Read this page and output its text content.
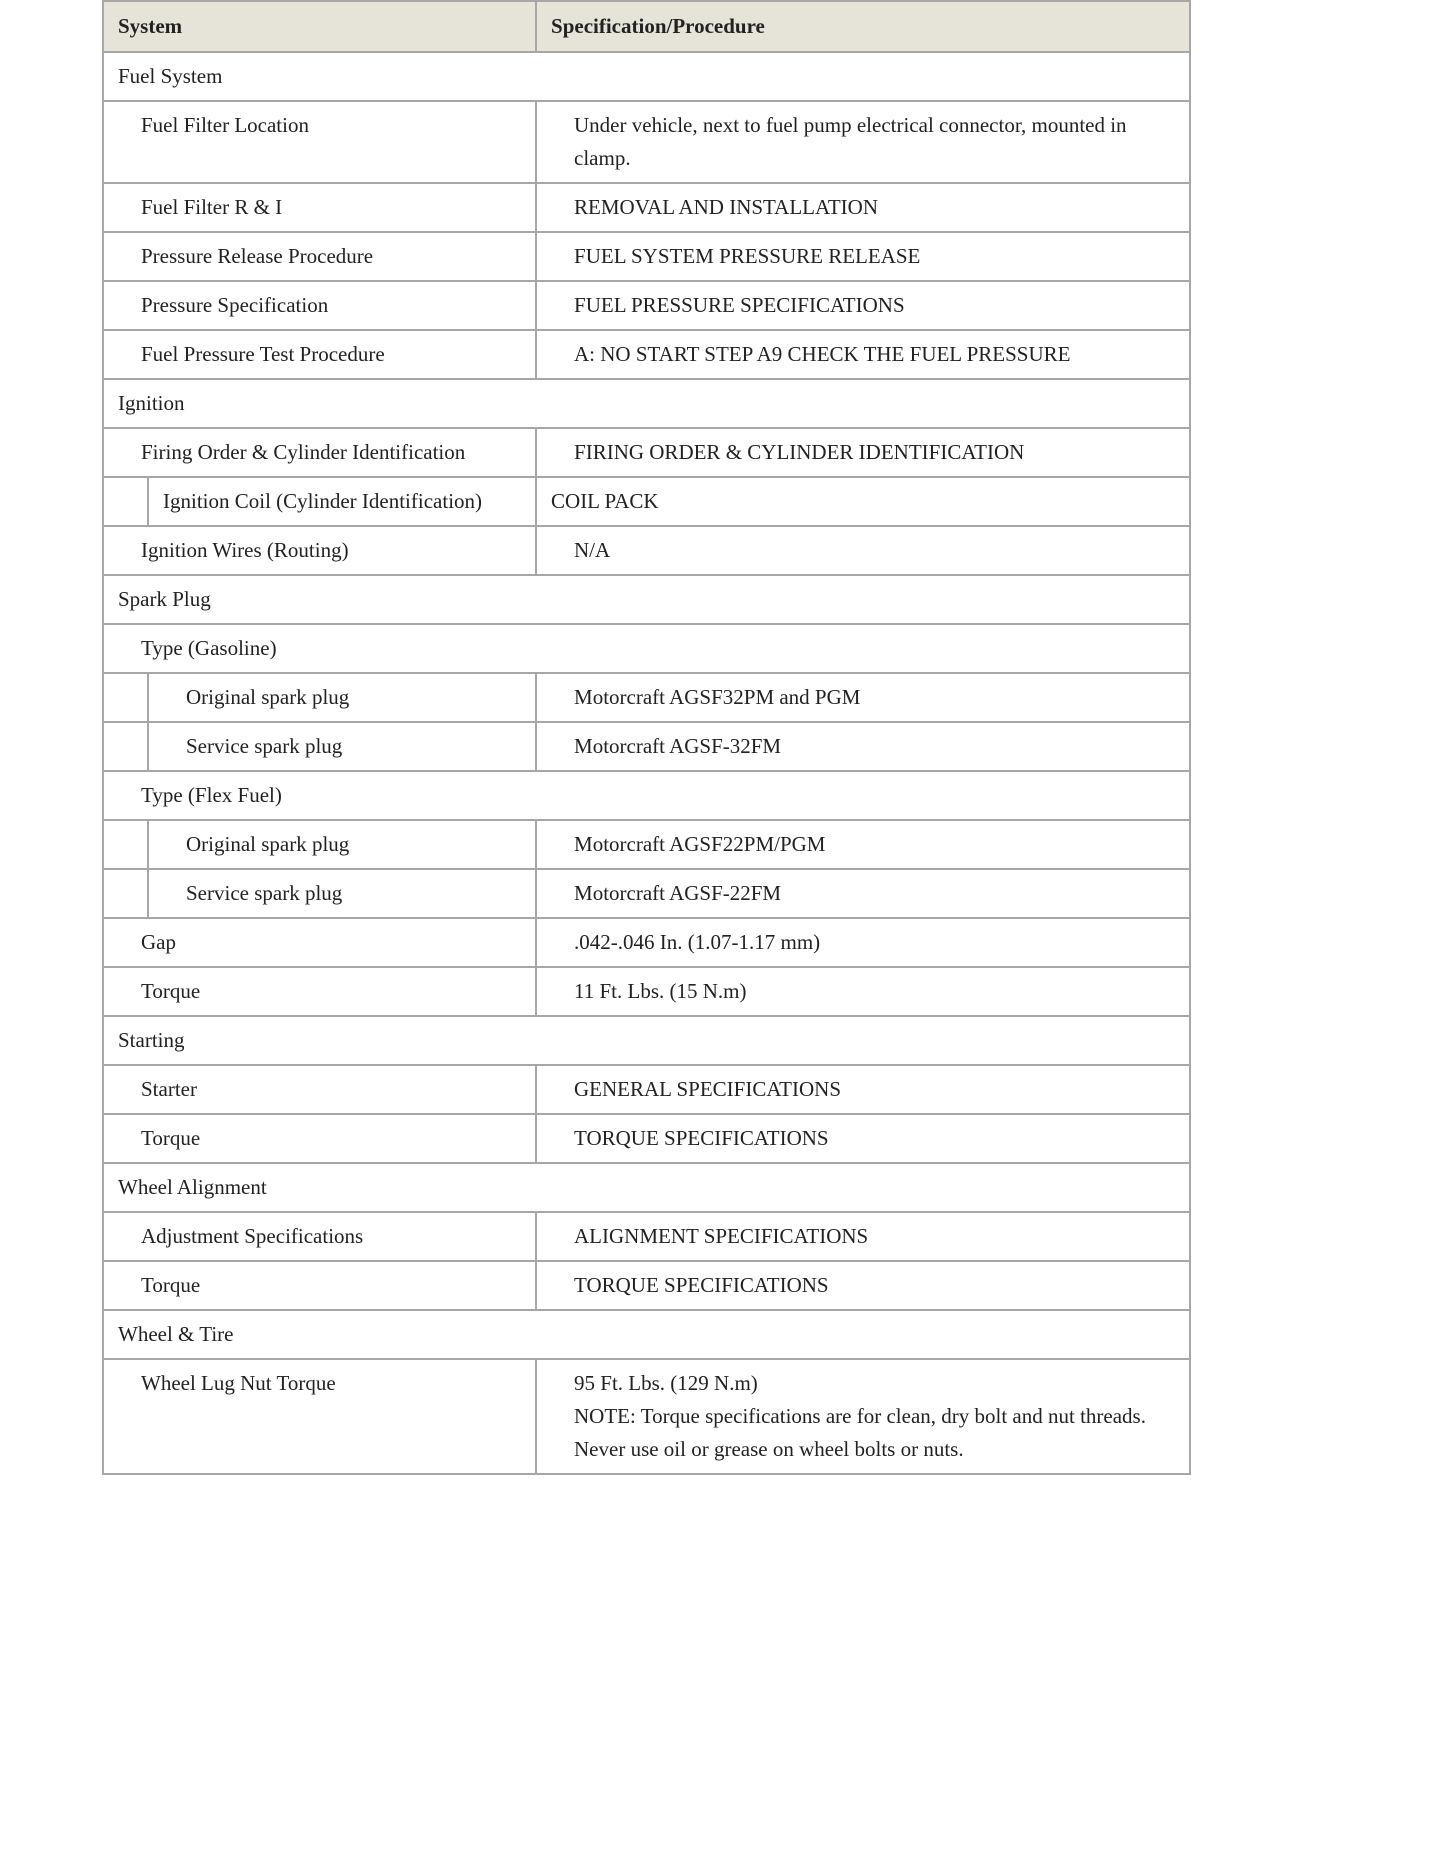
System		Specification/Procedure
Fuel System		
Fuel Filter Location		Under vehicle, next to fuel pump electrical connector, mounted in clamp.

Fuel Filter R & I		REMOVAL AND INSTALLATION

Pressure Release Procedure		FUEL SYSTEM PRESSURE RELEASE

Pressure Specification		FUEL PRESSURE SPECIFICATIONS

Fuel Pressure Test Procedure		A: NO START STEP A9 CHECK THE FUEL PRESSURE

Ignition		
Firing Order & Cylinder Identification		FIRING ORDER & CYLINDER IDENTIFICATION

	Ignition Coil (Cylinder Identification)	COIL PACK

Ignition Wires (Routing)		N/A

Spark Plug		
Type (Gasoline)		
	Original spark plug	Motorcraft AGSF32PM and PGM

	Service spark plug	Motorcraft AGSF-32FM

Type (Flex Fuel)		
	Original spark plug	Motorcraft AGSF22PM/PGM

	Service spark plug	Motorcraft AGSF-22FM

Gap		.042-.046 In. (1.07-1.17 mm)

Torque		11 Ft. Lbs. (15 N.m)

Starting		
Starter		GENERAL SPECIFICATIONS

Torque		TORQUE SPECIFICATIONS

Wheel Alignment		
Adjustment Specifications		ALIGNMENT SPECIFICATIONS

Torque		TORQUE SPECIFICATIONS

Wheel & Tire		
Wheel Lug Nut Torque		95 Ft. Lbs. (129 N.m)
NOTE: Torque specifications are for clean, dry bolt and nut threads. Never use oil or grease on wheel bolts or nuts.
